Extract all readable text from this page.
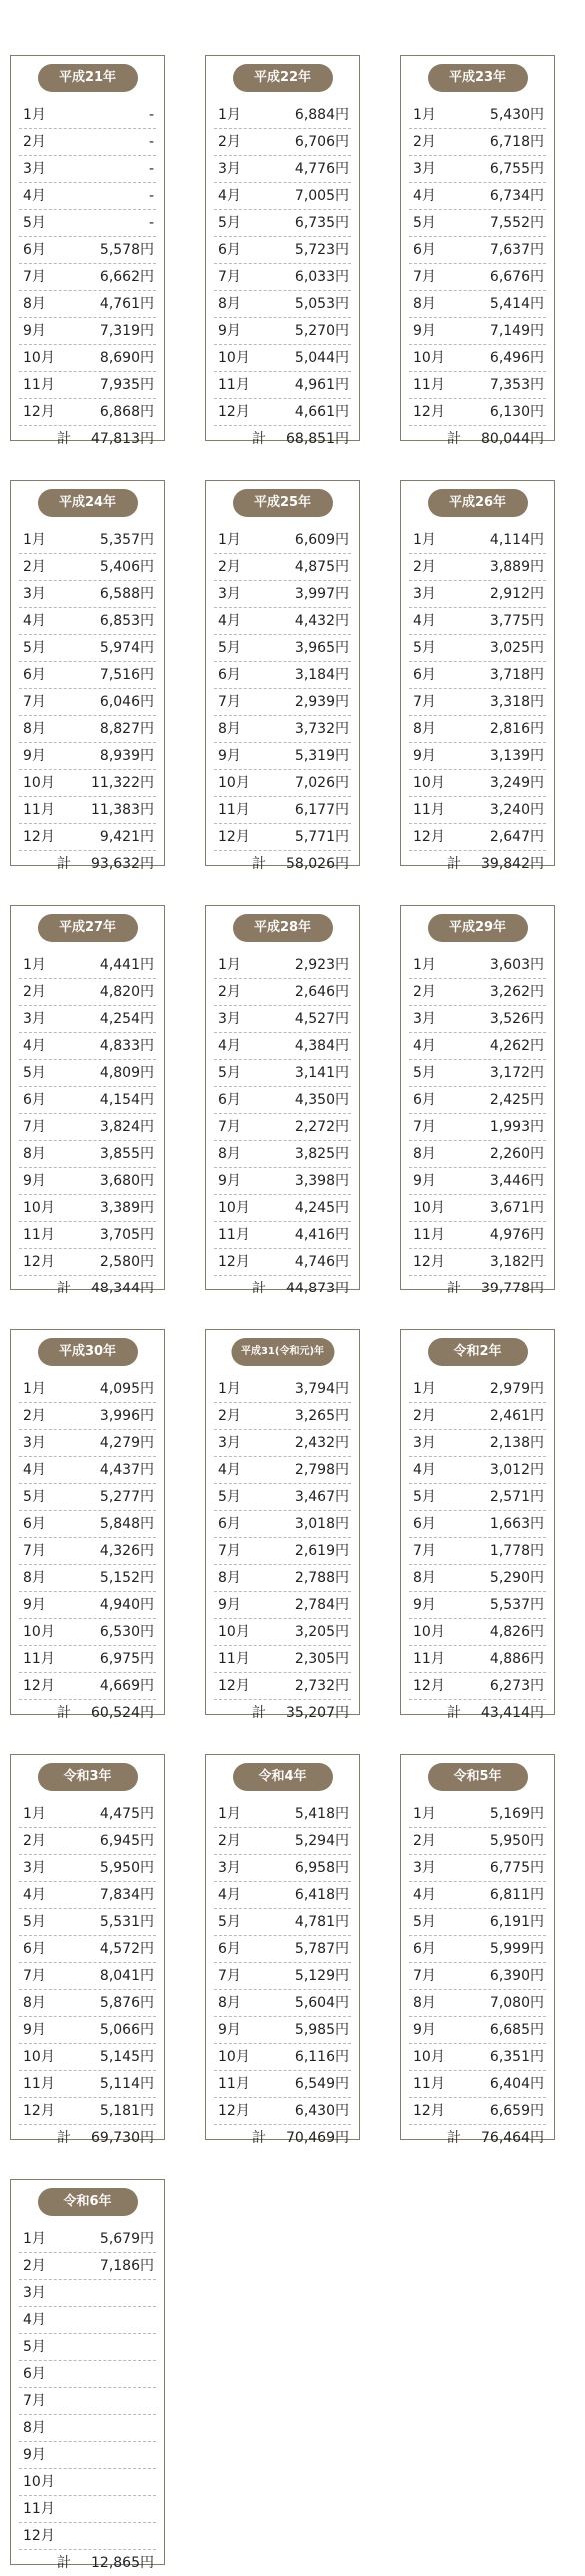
平成21年
1月	-
2月	-
3月	-
4月	-
5月	-
6月	5,578円
7月	6,662円
8月	4,761円
9月	7,319円
10月	8,690円
11月	7,935円
12月	6,868円
計 47,813円
平成22年
1月	6,884円
2月	6,706円
3月	4,776円
4月	7,005円
5月	6,735円
6月	5,723円
7月	6,033円
8月	5,053円
9月	5,270円
10月	5,044円
11月	4,961円
12月	4,661円
計 68,851円
平成23年
1月	5,430円
2月	6,718円
3月	6,755円
4月	6,734円
5月	7,552円
6月	7,637円
7月	6,676円
8月	5,414円
9月	7,149円
10月	6,496円
11月	7,353円
12月	6,130円
計 80,044円
平成24年
1月	5,357円
2月	5,406円
3月	6,588円
4月	6,853円
5月	5,974円
6月	7,516円
7月	6,046円
8月	8,827円
9月	8,939円
10月	11,322円
11月	11,383円
12月	9,421円
計 93,632円
平成25年
1月	6,609円
2月	4,875円
3月	3,997円
4月	4,432円
5月	3,965円
6月	3,184円
7月	2,939円
8月	3,732円
9月	5,319円
10月	7,026円
11月	6,177円
12月	5,771円
計 58,026円
平成26年
1月	4,114円
2月	3,889円
3月	2,912円
4月	3,775円
5月	3,025円
6月	3,718円
7月	3,318円
8月	2,816円
9月	3,139円
10月	3,249円
11月	3,240円
12月	2,647円
計 39,842円
平成27年
1月	4,441円
2月	4,820円
3月	4,254円
4月	4,833円
5月	4,809円
6月	4,154円
7月	3,824円
8月	3,855円
9月	3,680円
10月	3,389円
11月	3,705円
12月	2,580円
計 48,344円
平成28年
1月	2,923円
2月	2,646円
3月	4,527円
4月	4,384円
5月	3,141円
6月	4,350円
7月	2,272円
8月	3,825円
9月	3,398円
10月	4,245円
11月	4,416円
12月	4,746円
計 44,873円
平成29年
1月	3,603円
2月	3,262円
3月	3,526円
4月	4,262円
5月	3,172円
6月	2,425円
7月	1,993円
8月	2,260円
9月	3,446円
10月	3,671円
11月	4,976円
12月	3,182円
計 39,778円
平成30年
1月	4,095円
2月	3,996円
3月	4,279円
4月	4,437円
5月	5,277円
6月	5,848円
7月	4,326円
8月	5,152円
9月	4,940円
10月	6,530円
11月	6,975円
12月	4,669円
計 60,524円
平成31(令和元)年
1月	3,794円
2月	3,265円
3月	2,432円
4月	2,798円
5月	3,467円
6月	3,018円
7月	2,619円
8月	2,788円
9月	2,784円
10月	3,205円
11月	2,305円
12月	2,732円
計 35,207円
令和2年
1月	2,979円
2月	2,461円
3月	2,138円
4月	3,012円
5月	2,571円
6月	1,663円
7月	1,778円
8月	5,290円
9月	5,537円
10月	4,826円
11月	4,886円
12月	6,273円
計 43,414円
令和3年
1月	4,475円
2月	6,945円
3月	5,950円
4月	7,834円
5月	5,531円
6月	4,572円
7月	8,041円
8月	5,876円
9月	5,066円
10月	5,145円
11月	5,114円
12月	5,181円
計 69,730円
令和4年
1月	5,418円
2月	5,294円
3月	6,958円
4月	6,418円
5月	4,781円
6月	5,787円
7月	5,129円
8月	5,604円
9月	5,985円
10月	6,116円
11月	6,549円
12月	6,430円
計 70,469円
令和5年
1月	5,169円
2月	5,950円
3月	6,775円
4月	6,811円
5月	6,191円
6月	5,999円
7月	6,390円
8月	7,080円
9月	6,685円
10月	6,351円
11月	6,404円
12月	6,659円
計 76,464円
令和6年
1月	5,679円
2月	7,186円
3月
4月
5月
6月
7月
8月
9月
10月
11月
12月
計 12,865円
